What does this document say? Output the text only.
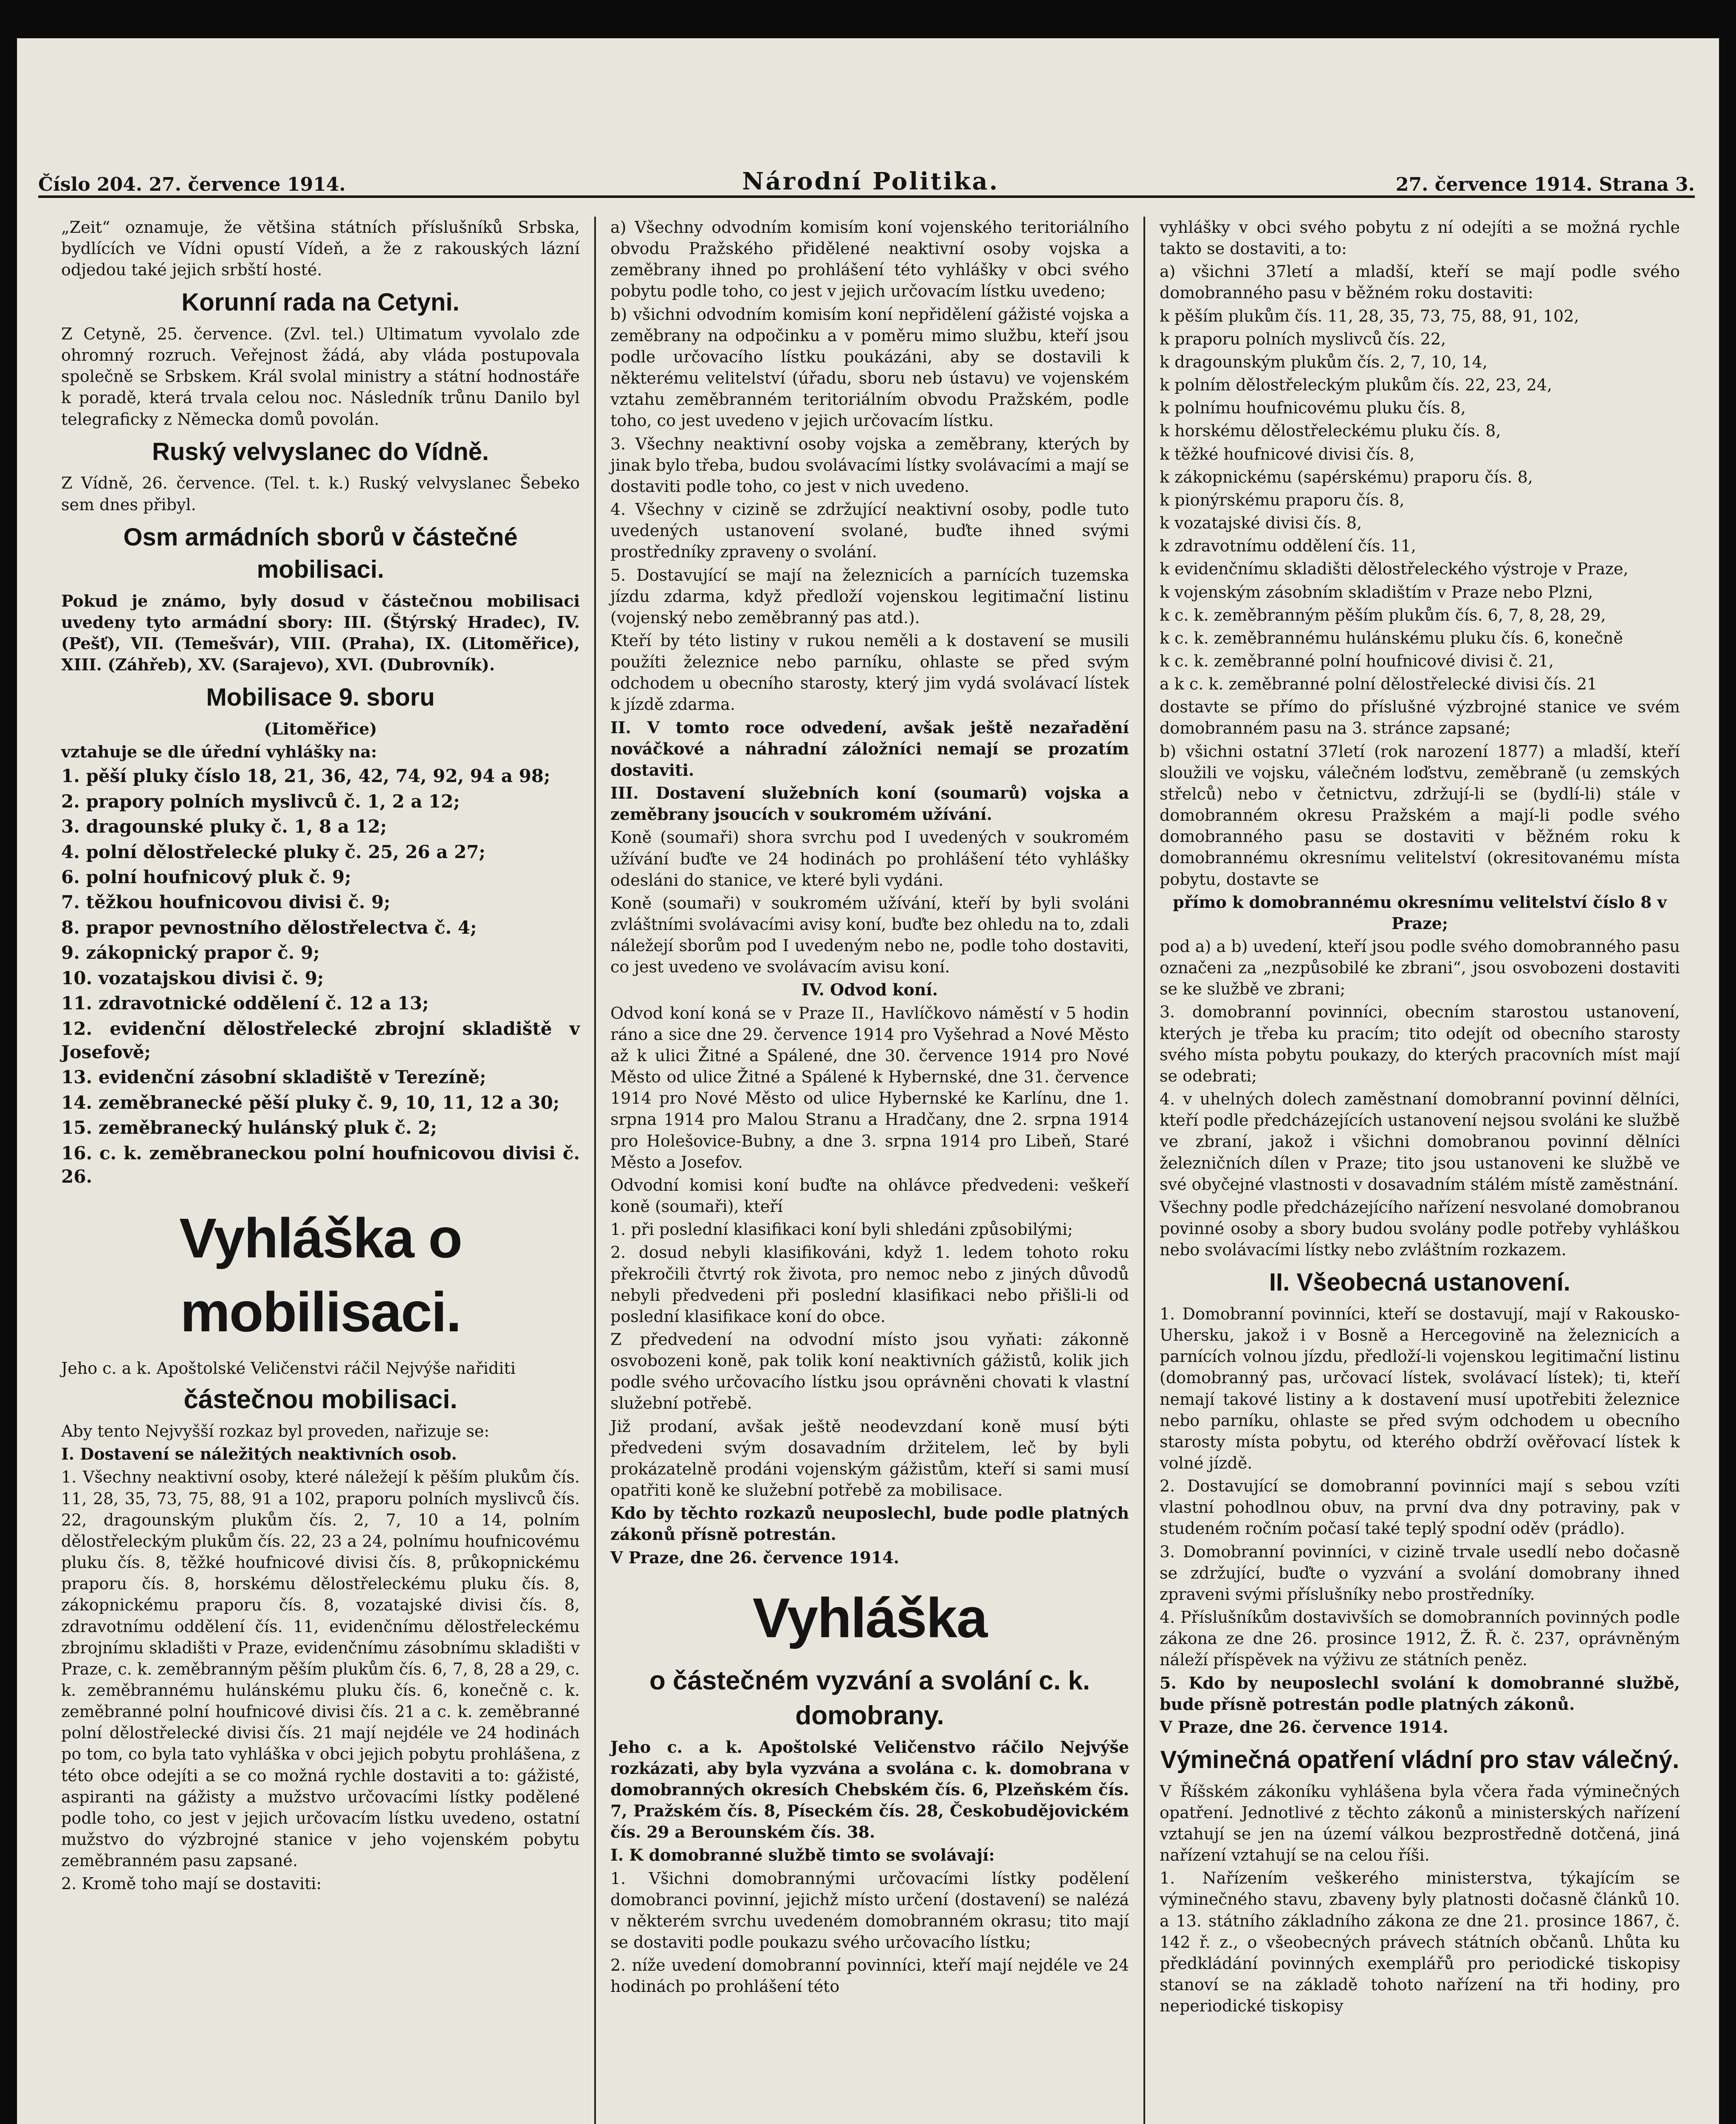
Číslo 204. 27. července 1914.	Národní Politika.	27. července 1914. Strana 3.

„Zeit“ oznamuje, že většina státních příslušníků Srbska, bydlících ve Vídni opustí Vídeň, a že z rakouských lázní odjedou také jejich srbští hosté.

Korunní rada na Cetyni.

Z Cetyně, 25. července. (Zvl. tel.) Ultimatum vyvolalo zde ohromný rozruch. Veřejnost žádá, aby vláda postupovala společně se Srbskem. Král svolal ministry a státní hodnostáře k poradě, která trvala celou noc. Následník trůnu Danilo byl telegraficky z Německa domů povolán.

Ruský velvyslanec do Vídně.

Z Vídně, 26. července. (Tel. t. k.) Ruský velvyslanec Šebeko sem dnes přibyl.

Osm armádních sborů v částečné mobilisaci.

Pokud je známo, byly dosud v částečnou mobilisaci uvedeny tyto armádní sbory: III. (Štýrský Hradec), IV. (Pešť), VII. (Temešvár), VIII. (Praha), IX. (Litoměřice), XIII. (Záhřeb), XV. (Sarajevo), XVI. (Dubrovník).

Mobilisace 9. sboru

(Litoměřice)

vztahuje se dle úřední vyhlášky na:

1. pěší pluky číslo 18, 21, 36, 42, 74, 92, 94 a 98;

2. prapory polních myslivců č. 1, 2 a 12;

3. dragounské pluky č. 1, 8 a 12;

4. polní dělostřelecké pluky č. 25, 26 a 27;

6. polní houfnicový pluk č. 9;

7. těžkou houfnicovou divisi č. 9;

8. prapor pevnostního dělostřelectva č. 4;

9. zákopnický prapor č. 9;

10. vozatajskou divisi č. 9;

11. zdravotnické oddělení č. 12 a 13;

12. evidenční dělostřelecké zbrojní skladiště v Josefově;

13. evidenční zásobní skladiště v Terezíně;

14. zeměbranecké pěší pluky č. 9, 10, 11, 12 a 30;

15. zeměbranecký hulánský pluk č. 2;

16. c. k. zeměbraneckou polní houfnicovou divisi č. 26.

Vyhláška o mobilisaci.

Jeho c. a k. Apoštolské Veličenstvi ráčil Nejvýše nařiditi

částečnou mobilisaci.

Aby tento Nejvyšší rozkaz byl proveden, nařizuje se:

I. Dostavení se náležitých neaktivních osob.

1. Všechny neaktivní osoby, které náležejí k pěším plukům čís. 11, 28, 35, 73, 75, 88, 91 a 102, praporu polních myslivců čís. 22, dragounským plukům čís. 2, 7, 10 a 14, polním dělostřeleckým plukům čís. 22, 23 a 24, polnímu houfnicovému pluku čís. 8, těžké houfnicové divisi čís. 8, průkopnickému praporu čís. 8, horskému dělostřeleckému pluku čís. 8, zákopnickému praporu čís. 8, vozatajské divisi čís. 8, zdravotnímu oddělení čís. 11, evidenčnímu dělostřeleckému zbrojnímu skladišti v Praze, evidenčnímu zásobnímu skladišti v Praze, c. k. zeměbranným pěším plukům čís. 6, 7, 8, 28 a 29, c. k. zeměbrannému hulánskému pluku čís. 6, konečně c. k. zeměbranné polní houfnicové divisi čís. 21 a c. k. zeměbranné polní dělostřelecké divisi čís. 21 mají nejdéle ve 24 hodinách po tom, co byla tato vyhláška v obci jejich pobytu prohlášena, z této obce odejíti a se co možná rychle dostaviti a to: gážisté, aspiranti na gážisty a mužstvo určovacími lístky podělené podle toho, co jest v jejich určovacím lístku uvedeno, ostatní mužstvo do výzbrojné stanice v jeho vojenském pobytu zeměbranném pasu zapsané.

2. Kromě toho mají se dostaviti:

a) Všechny odvodním komisím koní vojenského teritoriálního obvodu Pražského přidělené neaktivní osoby vojska a zeměbrany ihned po prohlášení této vyhlášky v obci svého pobytu podle toho, co jest v jejich určovacím lístku uvedeno;

b) všichni odvodním komisím koní nepřidělení gážisté vojska a zeměbrany na odpočinku a v poměru mimo službu, kteří jsou podle určovacího lístku poukázáni, aby se dostavili k některému velitelství (úřadu, sboru neb ústavu) ve vojenském vztahu zeměbranném teritoriálním obvodu Pražském, podle toho, co jest uvedeno v jejich určovacím lístku.

3. Všechny neaktivní osoby vojska a zeměbrany, kterých by jinak bylo třeba, budou svolávacími lístky svolávacími a mají se dostaviti podle toho, co jest v nich uvedeno.

4. Všechny v cizině se zdržující neaktivní osoby, podle tuto uvedených ustanovení svolané, buďte ihned svými prostředníky zpraveny o svolání.

5. Dostavující se mají na železnicích a parnících tuzemska jízdu zdarma, když předloží vojenskou legitimační listinu (vojenský nebo zeměbranný pas atd.).

Kteří by této listiny v rukou neměli a k dostavení se musili použíti železnice nebo parníku, ohlaste se před svým odchodem u obecního starosty, který jim vydá svolávací lístek k jízdě zdarma.

II. V tomto roce odvedení, avšak ještě nezařadění nováčkové a náhradní záložníci nemají se prozatím dostaviti.

III. Dostavení služebních koní (soumarů) vojska a zeměbrany jsoucích v soukromém užívání.

Koně (soumaři) shora svrchu pod I uvedených v soukromém užívání buďte ve 24 hodinách po prohlášení této vyhlášky odesláni do stanice, ve které byli vydáni.

Koně (soumaři) v soukromém užívání, kteří by byli svoláni zvláštními svolávacími avisy koní, buďte bez ohledu na to, zdali náležejí sborům pod I uvedeným nebo ne, podle toho dostaviti, co jest uvedeno ve svolávacím avisu koní.

IV. Odvod koní.

Odvod koní koná se v Praze II., Havlíčkovo náměstí v 5 hodin ráno a sice dne 29. července 1914 pro Vyšehrad a Nové Město až k ulici Žitné a Spálené, dne 30. července 1914 pro Nové Město od ulice Žitné a Spálené k Hybernské, dne 31. července 1914 pro Nové Město od ulice Hybernské ke Karlínu, dne 1. srpna 1914 pro Malou Stranu a Hradčany, dne 2. srpna 1914 pro Holešovice-Bubny, a dne 3. srpna 1914 pro Libeň, Staré Město a Josefov.

Odvodní komisi koní buďte na ohlávce předvedeni: veškeří koně (soumaři), kteří

1. při poslední klasifikaci koní byli shledáni způsobilými;

2. dosud nebyli klasifikováni, když 1. ledem tohoto roku překročili čtvrtý rok života, pro nemoc nebo z jiných důvodů nebyli předvedeni při poslední klasifikaci nebo přišli-li od poslední klasifikace koní do obce.

Z předvedení na odvodní místo jsou vyňati: zákonně osvobozeni koně, pak tolik koní neaktivních gážistů, kolik jich podle svého určovacího lístku jsou oprávněni chovati k vlastní služební potřebě.

Již prodaní, avšak ještě neodevzdaní koně musí býti předvedeni svým dosavadním držitelem, leč by byli prokázatelně prodáni vojenským gážistům, kteří si sami musí opatřiti koně ke služební potřebě za mobilisace.

Kdo by těchto rozkazů neuposlechl, bude podle platných zákonů přísně potrestán.

V Praze, dne 26. července 1914.

Vyhláška
o částečném vyzvání a svolání c. k. domobrany.

Jeho c. a k. Apoštolské Veličenstvo ráčilo Nejvýše rozkázati, aby byla vyzvána a svolána c. k. domobrana v domobranných okresích Chebském čís. 6, Plzeňském čís. 7, Pražském čís. 8, Píseckém čís. 28, Českobudějovickém čís. 29 a Berounském čís. 38.

I. K domobranné službě timto se svolávají:

1. Všichni domobrannými určovacími lístky podělení domobranci povinní, jejichž místo určení (dostavení) se nalézá v některém svrchu uvedeném domobranném okrasu; tito mají se dostaviti podle poukazu svého určovacího lístku;

2. níže uvedení domobranní povinníci, kteří mají nejdéle ve 24 hodinách po prohlášení této

vyhlášky v obci svého pobytu z ní odejíti a se možná rychle takto se dostaviti, a to:

a) všichni 37letí a mladší, kteří se mají podle svého domobranného pasu v běžném roku dostaviti:

k pěším plukům čís. 11, 28, 35, 73, 75, 88, 91, 102,

k praporu polních myslivců čís. 22,

k dragounským plukům čís. 2, 7, 10, 14,

k polním dělostřeleckým plukům čís. 22, 23, 24,

k polnímu houfnicovému pluku čís. 8,

k horskému dělostřeleckému pluku čís. 8,

k těžké houfnicové divisi čís. 8,

k zákopnickému (sapérskému) praporu čís. 8,

k pionýrskému praporu čís. 8,

k vozatajské divisi čís. 8,

k zdravotnímu oddělení čís. 11,

k evidenčnímu skladišti dělostřeleckého výstroje v Praze,

k vojenským zásobním skladištím v Praze nebo Plzni,

k c. k. zeměbranným pěším plukům čís. 6, 7, 8, 28, 29,

k c. k. zeměbrannému hulánskému pluku čís. 6, konečně

k c. k. zeměbranné polní houfnicové divisi č. 21,

a k c. k. zeměbranné polní dělostřelecké divisi čís. 21

dostavte se přímo do příslušné výzbrojné stanice ve svém domobranném pasu na 3. stránce zapsané;

b) všichni ostatní 37letí (rok narození 1877) a mladší, kteří sloužili ve vojsku, válečném loďstvu, zeměbraně (u zemských střelců) nebo v četnictvu, zdržují-li se (bydlí-li) stále v domobranném okresu Pražském a mají-li podle svého domobranného pasu se dostaviti v běžném roku k domobrannému okresnímu velitelství (okresitovanému místa pobytu, dostavte se

přímo k domobrannému okresnímu velitelství číslo 8 v Praze;

pod a) a b) uvedení, kteří jsou podle svého domobranného pasu označeni za „nezpůsobilé ke zbrani“, jsou osvobozeni dostaviti se ke službě ve zbrani;

3. domobranní povinníci, obecním starostou ustanovení, kterých je třeba ku pracím; tito odejít od obecního starosty svého místa pobytu poukazy, do kterých pracovních míst mají se odebrati;

4. v uhelných dolech zaměstnaní domobranní povinní dělníci, kteří podle předcházejících ustanovení nejsou svoláni ke službě ve zbraní, jakož i všichni domobranou povinní dělníci železničních dílen v Praze; tito jsou ustanoveni ke službě ve své obyčejné vlastnosti v dosavadním stálém místě zaměstnání.

Všechny podle předcházejícího nařízení nesvolané domobranou povinné osoby a sbory budou svolány podle potřeby vyhláškou nebo svolávacími lístky nebo zvláštním rozkazem.

II. Všeobecná ustanovení.

1. Domobranní povinníci, kteří se dostavují, mají v Rakousko-Uhersku, jakož i v Bosně a Hercegovině na železnicích a parnících volnou jízdu, předloží-li vojenskou legitimační listinu (domobranný pas, určovací lístek, svolávací lístek); ti, kteří nemají takové listiny a k dostavení musí upotřebiti železnice nebo parníku, ohlaste se před svým odchodem u obecního starosty místa pobytu, od kterého obdrží ověřovací lístek k volné jízdě.

2. Dostavující se domobranní povinníci mají s sebou vzíti vlastní pohodlnou obuv, na první dva dny potraviny, pak v studeném ročním počasí také teplý spodní oděv (prádlo).

3. Domobranní povinníci, v cizině trvale usedlí nebo dočasně se zdržující, buďte o vyzvání a svolání domobrany ihned zpraveni svými příslušníky nebo prostředníky.

4. Příslušníkům dostavivších se domobranních povinných podle zákona ze dne 26. prosince 1912, Ž. Ř. č. 237, oprávněným náleží příspěvek na výživu ze státních peněz.

5. Kdo by neuposlechl svolání k domobranné službě, bude přísně potrestán podle platných zákonů.

V Praze, dne 26. července 1914.

Výminečná opatření vládní pro stav válečný.

V Říšském zákoníku vyhlášena byla včera řada výminečných opatření. Jednotlivé z těchto zákonů a ministerských nařízení vztahují se jen na území válkou bezprostředně dotčená, jiná nařízení vztahují se na celou říši.

1. Nařízením veškerého ministerstva, týkajícím se výminečného stavu, zbaveny byly platnosti dočasně článků 10. a 13. státního základního zákona ze dne 21. prosince 1867, č. 142 ř. z., o všeobecných právech státních občanů. Lhůta ku předkládání povinných exemplářů pro periodické tiskopisy stanoví se na základě tohoto nařízení na tři hodiny, pro neperiodické tiskopisy
